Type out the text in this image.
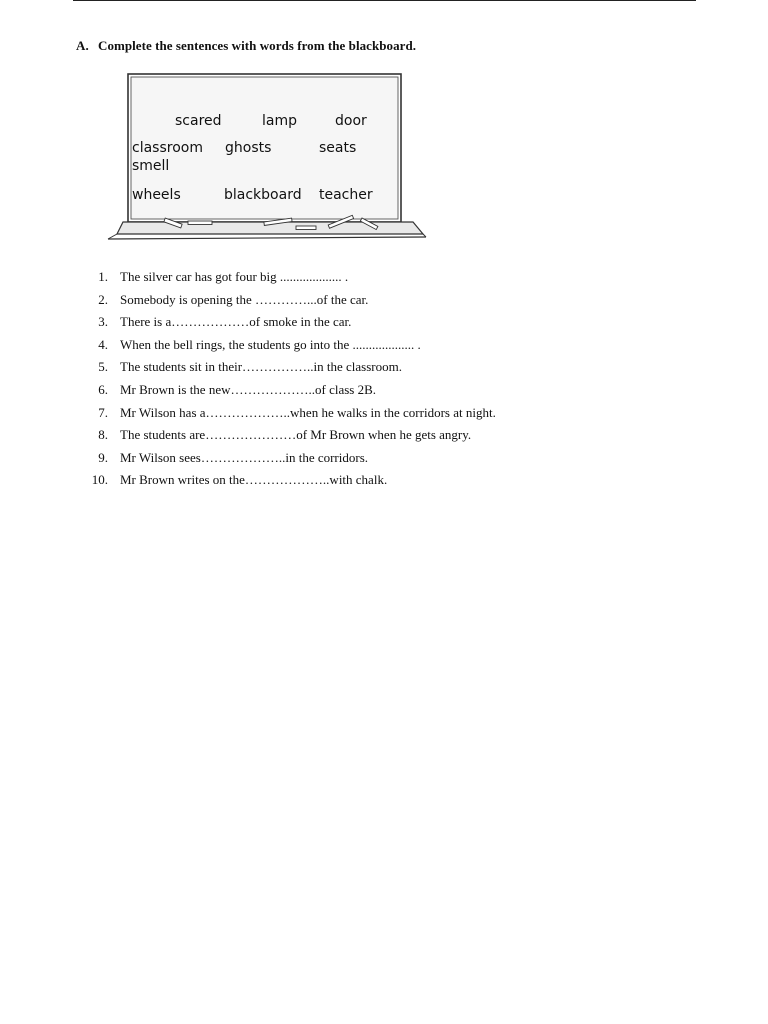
A. Complete the sentences with words from the blackboard.
scared	lamp	door
classroom ghosts	seats
smell
wheels	blackboard teacher
1. The silver car has got four big ................... .
2. Somebody is opening the …………...of the car.
3. There is a………………of smoke in the car.
4. When the bell rings, the students go into the ................... .
5. The students sit in their……………..in the classroom.
6. Mr Brown is the new………………..of class 2B.
7. Mr Wilson has a………………..when he walks in the corridors at night.
8. The students are…………………of Mr Brown when he gets angry.
9. Mr Wilson sees………………..in the corridors.
10. Mr Brown writes on the………………..with chalk.
